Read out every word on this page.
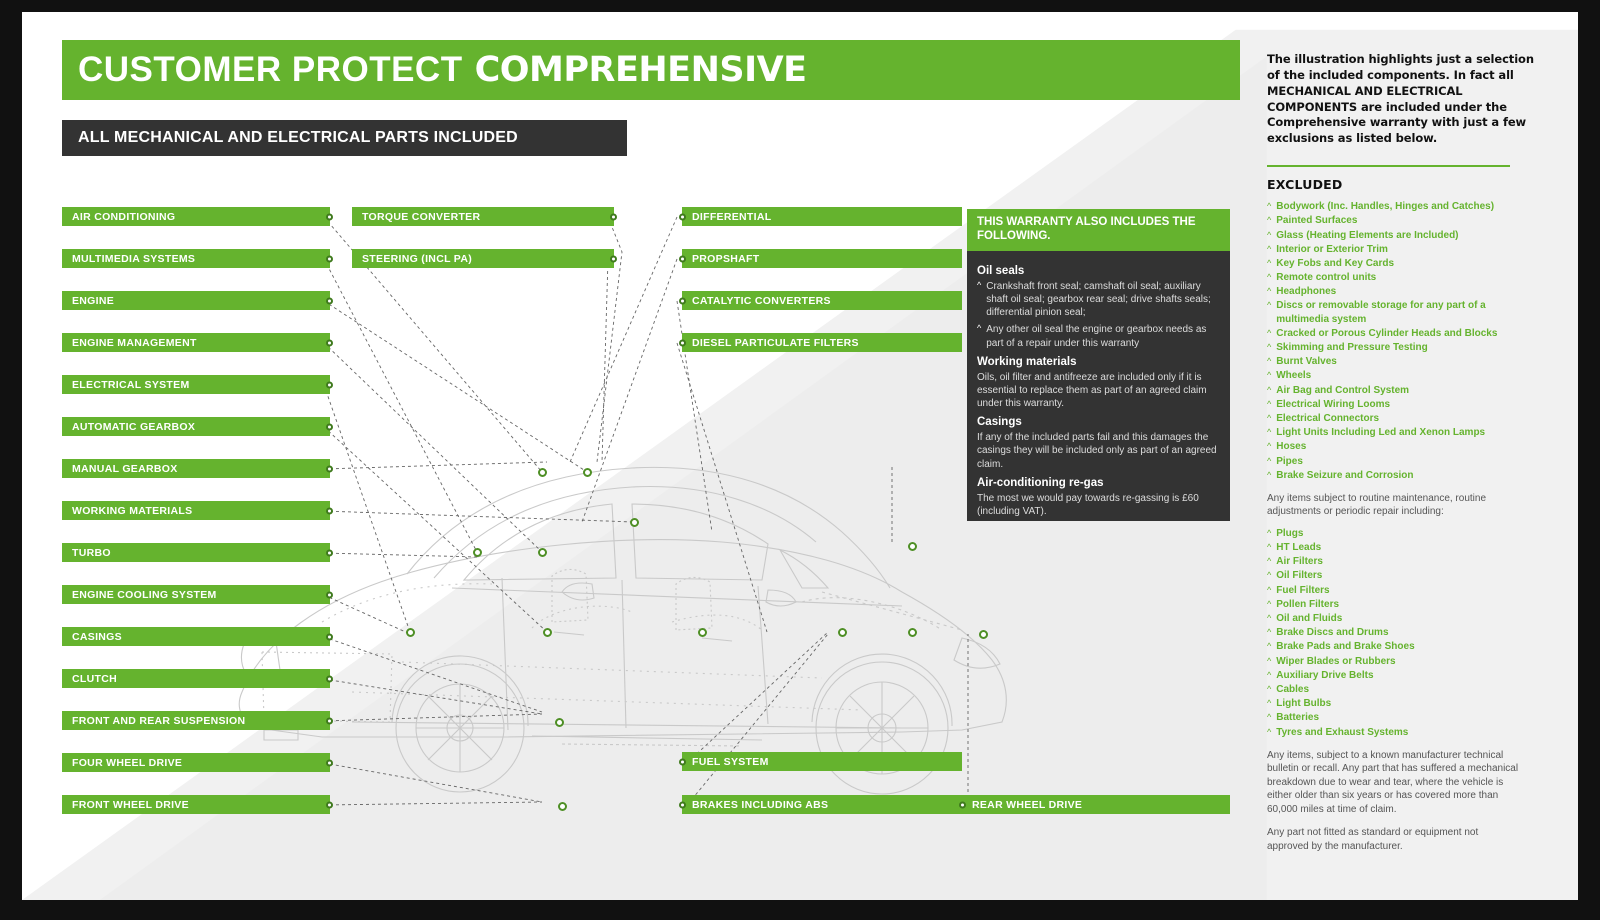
CUSTOMER PROTECT COMPREHENSIVE
ALL MECHANICAL AND ELECTRICAL PARTS INCLUDED
AIR CONDITIONING
MULTIMEDIA SYSTEMS
ENGINE
ENGINE MANAGEMENT
ELECTRICAL SYSTEM
AUTOMATIC GEARBOX
MANUAL GEARBOX
WORKING MATERIALS
TURBO
ENGINE COOLING SYSTEM
CASINGS
CLUTCH
FRONT AND REAR SUSPENSION
FOUR WHEEL DRIVE
FRONT WHEEL DRIVE
TORQUE CONVERTER
STEERING (INCL PA)
DIFFERENTIAL
PROPSHAFT
CATALYTIC CONVERTERS
DIESEL PARTICULATE FILTERS
FUEL SYSTEM
BRAKES INCLUDING ABS	REAR WHEEL DRIVE
THIS WARRANTY ALSO INCLUDES THE FOLLOWING.
Oil seals
^ Crankshaft front seal; camshaft oil seal; auxiliary shaft oil seal; gearbox rear seal; drive shafts seals; differential pinion seal;

^ Any other oil seal the engine or gearbox needs as part of a repair under this warranty

Working materials

Oils, oil filter and antifreeze are included only if it is essential to replace them as part of an agreed claim under this warranty.

Casings

If any of the included parts fail and this damages the casings they will be included only as part of an agreed claim.

Air-conditioning re-gas

The most we would pay towards re-gassing is £60 (including VAT).

The illustration highlights just a selection of the included components. In fact all MECHANICAL AND ELECTRICAL COMPONENTS are included under the Comprehensive warranty with just a few exclusions as listed below.
EXCLUDED
^ Bodywork (Inc. Handles, Hinges and Catches)
^ Painted Surfaces
^ Glass (Heating Elements are Included)
^ Interior or Exterior Trim
^ Key Fobs and Key Cards
^ Remote control units
^ Headphones
^ Discs or removable storage for any part of a multimedia system
^ Cracked or Porous Cylinder Heads and Blocks
^ Skimming and Pressure Testing
^ Burnt Valves
^ Wheels
^ Air Bag and Control System
^ Electrical Wiring Looms
^ Electrical Connectors
^ Light Units Including Led and Xenon Lamps
^ Hoses
^ Pipes
^ Brake Seizure and Corrosion
Any items subject to routine maintenance, routine adjustments or periodic repair including:
^ Plugs
^ HT Leads
^ Air Filters
^ Oil Filters
^ Fuel Filters
^ Pollen Filters
^ Oil and Fluids
^ Brake Discs and Drums
^ Brake Pads and Brake Shoes
^ Wiper Blades or Rubbers
^ Auxiliary Drive Belts
^ Cables
^ Light Bulbs
^ Batteries
^ Tyres and Exhaust Systems
Any items, subject to a known manufacturer technical bulletin or recall. Any part that has suffered a mechanical breakdown due to wear and tear, where the vehicle is either older than six years or has covered more than 60,000 miles at time of claim.
Any part not fitted as standard or equipment not approved by the manufacturer.
